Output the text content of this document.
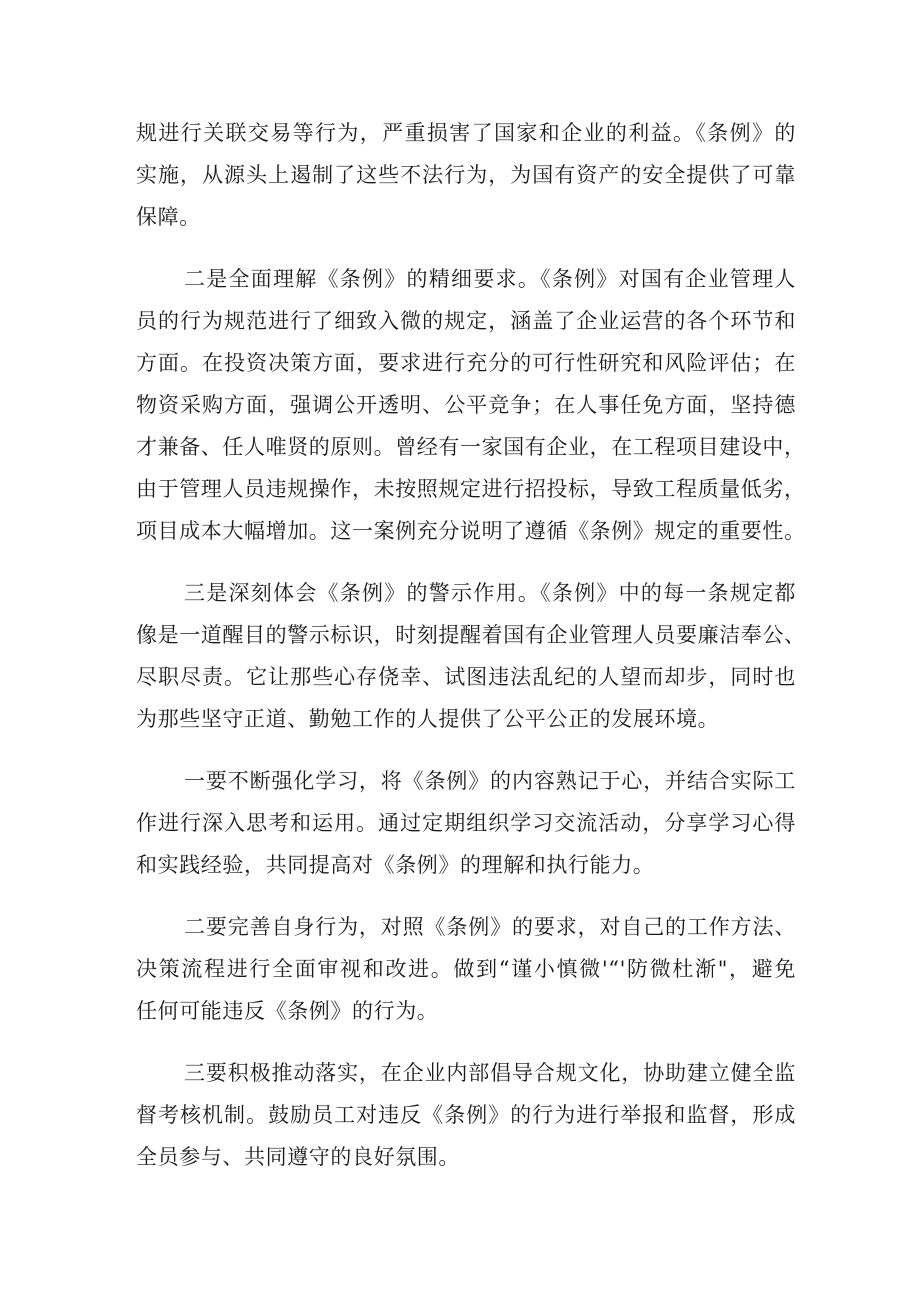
规进行关联交易等行为，严重损害了国家和企业的利益。《条例》的
实施，从源头上遏制了这些不法行为，为国有资产的安全提供了可靠
保障。
二是全面理解《条例》的精细要求。《条例》对国有企业管理人
员的行为规范进行了细致入微的规定，涵盖了企业运营的各个环节和
方面。在投资决策方面，要求进行充分的可行性研究和风险评估；在
物资采购方面，强调公开透明、公平竞争；在人事任免方面，坚持德
才兼备、任人唯贤的原则。曾经有一家国有企业，在工程项目建设中，
由于管理人员违规操作，未按照规定进行招投标，导致工程质量低劣，
项目成本大幅增加。这一案例充分说明了遵循《条例》规定的重要性。
三是深刻体会《条例》的警示作用。《条例》中的每一条规定都
像是一道醒目的警示标识，时刻提醒着国有企业管理人员要廉洁奉公、
尽职尽责。它让那些心存侥幸、试图违法乱纪的人望而却步，同时也
为那些坚守正道、勤勉工作的人提供了公平公正的发展环境。
一要不断强化学习，将《条例》的内容熟记于心，并结合实际工
作进行深入思考和运用。通过定期组织学习交流活动，分享学习心得
和实践经验，共同提高对《条例》的理解和执行能力。
二要完善自身行为，对照《条例》的要求，对自己的工作方法、
决策流程进行全面审视和改进。做到“谨小慎微'“'防微杜渐"，避免
任何可能违反《条例》的行为。
三要积极推动落实，在企业内部倡导合规文化，协助建立健全监
督考核机制。鼓励员工对违反《条例》的行为进行举报和监督，形成
全员参与、共同遵守的良好氛围。
